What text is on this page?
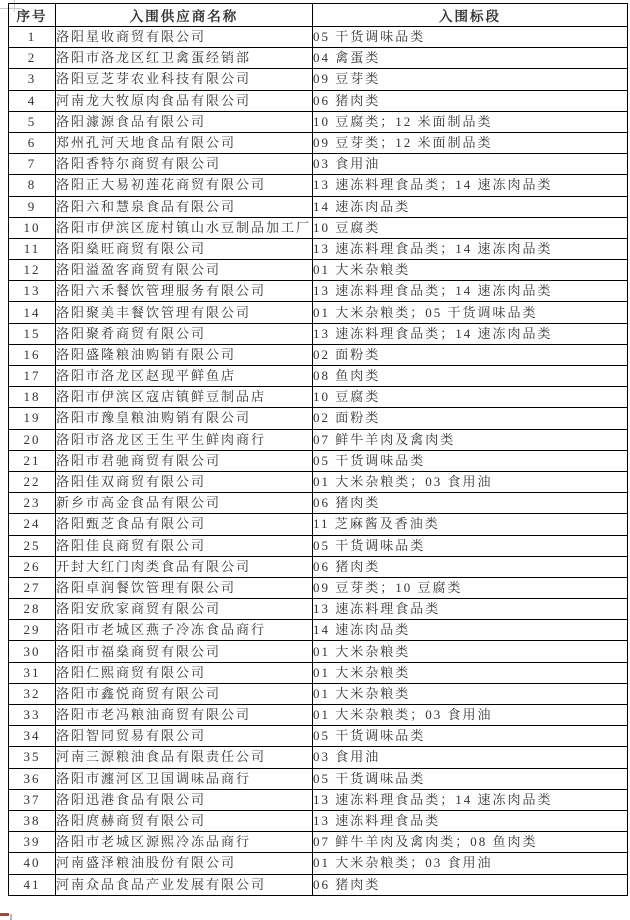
序号	入围供应商名称	入围标段
1	洛阳星收商贸有限公司	05 干货调味品类
2	洛阳市洛龙区红卫禽蛋经销部	04 禽蛋类
3	洛阳豆芝芽农业科技有限公司	09 豆芽类
4	河南龙大牧原肉食品有限公司	06 猪肉类
5	洛阳澽源食品有限公司	10 豆腐类；12 米面制品类
6	郑州孔河天地食品有限公司	09 豆芽类；12 米面制品类
7	洛阳香特尔商贸有限公司	03 食用油
8	洛阳正大易初莲花商贸有限公司	13 速冻料理食品类；14 速冻肉品类
9	洛阳六和慧泉食品有限公司	14 速冻肉品类
10	洛阳市伊滨区庞村镇山水豆制品加工厂	10 豆腐类
11	洛阳燊旺商贸有限公司	13 速冻料理食品类；14 速冻肉品类
12	洛阳溢盈客商贸有限公司	01 大米杂粮类
13	洛阳六禾餐饮管理服务有限公司	13 速冻料理食品类；14 速冻肉品类
14	洛阳聚美丰餐饮管理有限公司	01 大米杂粮类；05 干货调味品类
15	洛阳聚肴商贸有限公司	13 速冻料理食品类；14 速冻肉品类
16	洛阳盛隆粮油购销有限公司	02 面粉类
17	洛阳市洛龙区赵现平鲜鱼店	08 鱼肉类
18	洛阳市伊滨区寇店镇鲜豆制品店	10 豆腐类
19	洛阳市豫皇粮油购销有限公司	02 面粉类
20	洛阳市洛龙区王生平生鲜肉商行	07 鲜牛羊肉及禽肉类
21	洛阳市君驰商贸有限公司	05 干货调味品类
22	洛阳佳双商贸有限公司	01 大米杂粮类；03 食用油
23	新乡市高金食品有限公司	06 猪肉类
24	洛阳甄芝食品有限公司	11 芝麻酱及香油类
25	洛阳佳良商贸有限公司	05 干货调味品类
26	开封大红门肉类食品有限公司	06 猪肉类
27	洛阳卓润餐饮管理有限公司	09 豆芽类；10 豆腐类
28	洛阳安欣家商贸有限公司	13 速冻料理食品类
29	洛阳市老城区燕子冷冻食品商行	14 速冻肉品类
30	洛阳市福燊商贸有限公司	01 大米杂粮类
31	洛阳仁熙商贸有限公司	01 大米杂粮类
32	洛阳市鑫悦商贸有限公司	01 大米杂粮类
33	洛阳市老冯粮油商贸有限公司	01 大米杂粮类；03 食用油
34	洛阳智同贸易有限公司	05 干货调味品类
35	河南三源粮油食品有限责任公司	03 食用油
36	洛阳市瀍河区卫国调味品商行	05 干货调味品类
37	洛阳迅港食品有限公司	13 速冻料理食品类；14 速冻肉品类
38	洛阳庹赫商贸有限公司	13 速冻料理食品类
39	洛阳市老城区源熙冷冻品商行	07 鲜牛羊肉及禽肉类；08 鱼肉类
40	河南盛泽粮油股份有限公司	01 大米杂粮类；03 食用油
41	河南众品食品产业发展有限公司	06 猪肉类
